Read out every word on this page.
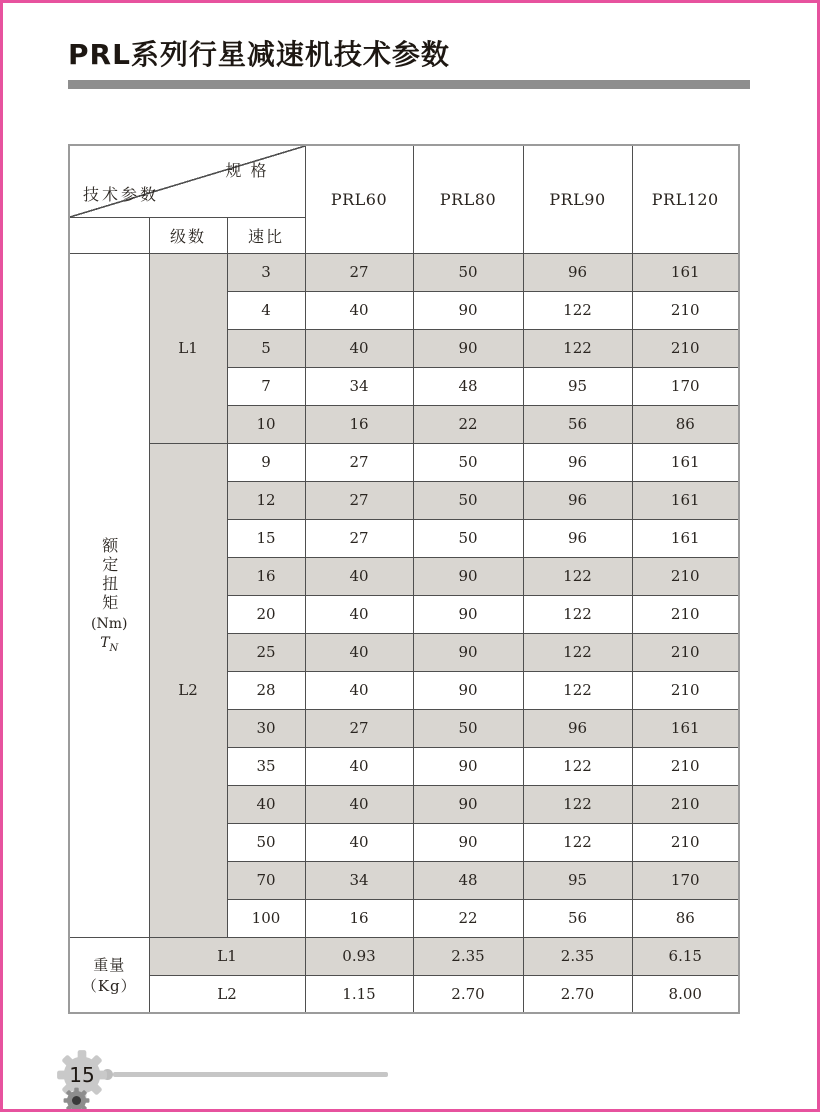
PRL系列行星减速机技术参数
规 格
技术参数			PRL60	PRL80	PRL90	PRL120
	级数	速比				

额定扭矩
(Nm)
$T_N$	L1	3	27	50	96	161
		4	40	90	122	210
		5	40	90	122	210
		7	34	48	95	170
		10	16	22	56	86
	L2	9	27	50	96	161
		12	27	50	96	161
		15	27	50	96	161
		16	40	90	122	210
		20	40	90	122	210
		25	40	90	122	210
		28	40	90	122	210
		30	27	50	96	161
		35	40	90	122	210
		40	40	90	122	210
		50	40	90	122	210
		70	34	48	95	170
		100	16	22	56	86
重量（Kg）	L1		0.93	2.35	2.35	6.15
	L2		1.15	2.70	2.70	8.00
15
